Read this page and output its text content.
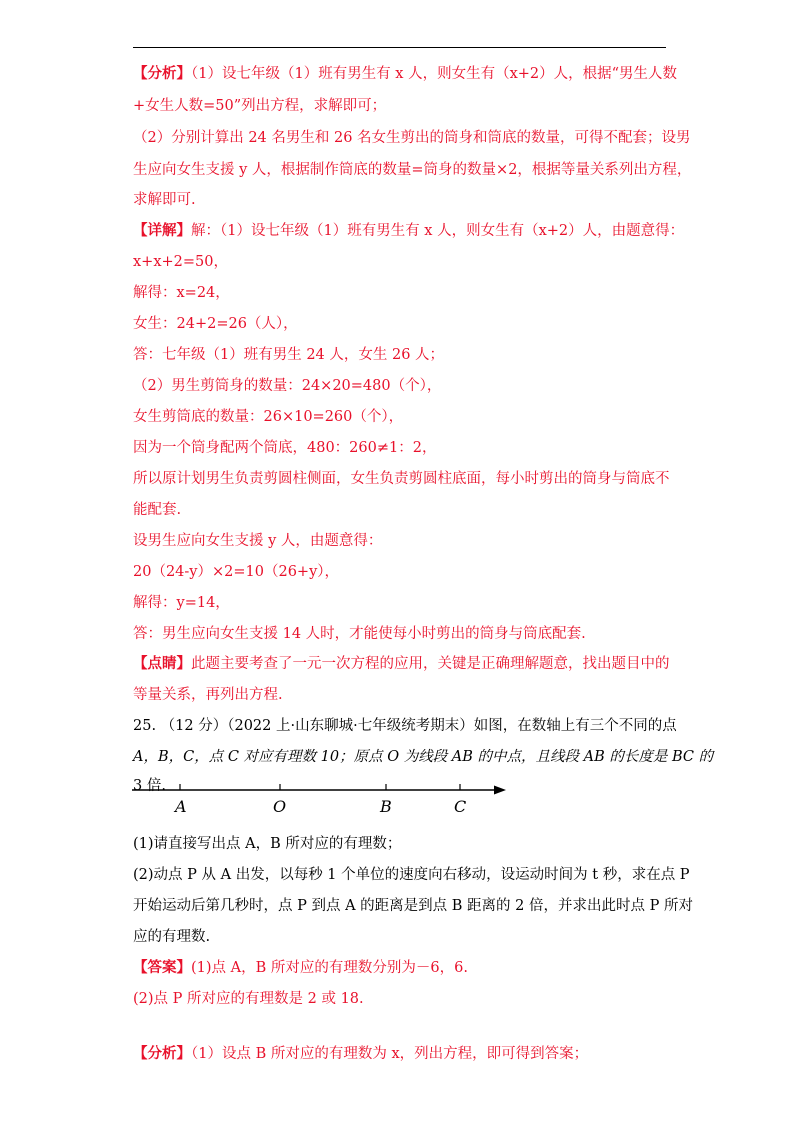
【分析】（1）设七年级（1）班有男生有 x 人，则女生有（x+2）人，根据“男生人数
+女生人数=50”列出方程，求解即可；
（2）分别计算出 24 名男生和 26 名女生剪出的筒身和筒底的数量，可得不配套；设男
生应向女生支援 y 人，根据制作筒底的数量=筒身的数量×2，根据等量关系列出方程，
求解即可.
【详解】解：（1）设七年级（1）班有男生有 x 人，则女生有（x+2）人，由题意得：
x+x+2=50，
解得：x=24，
女生：24+2=26（人），
答：七年级（1）班有男生 24 人，女生 26 人；
（2）男生剪筒身的数量：24×20=480（个），
女生剪筒底的数量：26×10=260（个），
因为一个筒身配两个筒底，480：260≠1：2，
所以原计划男生负责剪圆柱侧面，女生负责剪圆柱底面，每小时剪出的筒身与筒底不
能配套.
设男生应向女生支援 y 人，由题意得：
20（24-y）×2=10（26+y），
解得：y=14，
答：男生应向女生支援 14 人时，才能使每小时剪出的筒身与筒底配套.
【点睛】此题主要考查了一元一次方程的应用，关键是正确理解题意，找出题目中的
等量关系，再列出方程.
25. （12 分）（2022 上·山东聊城·七年级统考期末）如图，在数轴上有三个不同的点
A，B，C，点 C 对应有理数 10；原点 O 为线段 AB 的中点，且线段 AB 的长度是 BC 的
3 倍.
A	O	B	C
(1)请直接写出点 A，B 所对应的有理数；
(2)动点 P 从 A 出发，以每秒 1 个单位的速度向右移动，设运动时间为 t 秒，求在点 P
开始运动后第几秒时，点 P 到点 A 的距离是到点 B 距离的 2 倍，并求出此时点 P 所对
应的有理数.
【答案】(1)点 A，B 所对应的有理数分别为－6，6.
(2)点 P 所对应的有理数是 2 或 18.
【分析】（1）设点 B 所对应的有理数为 x，列出方程，即可得到答案；
